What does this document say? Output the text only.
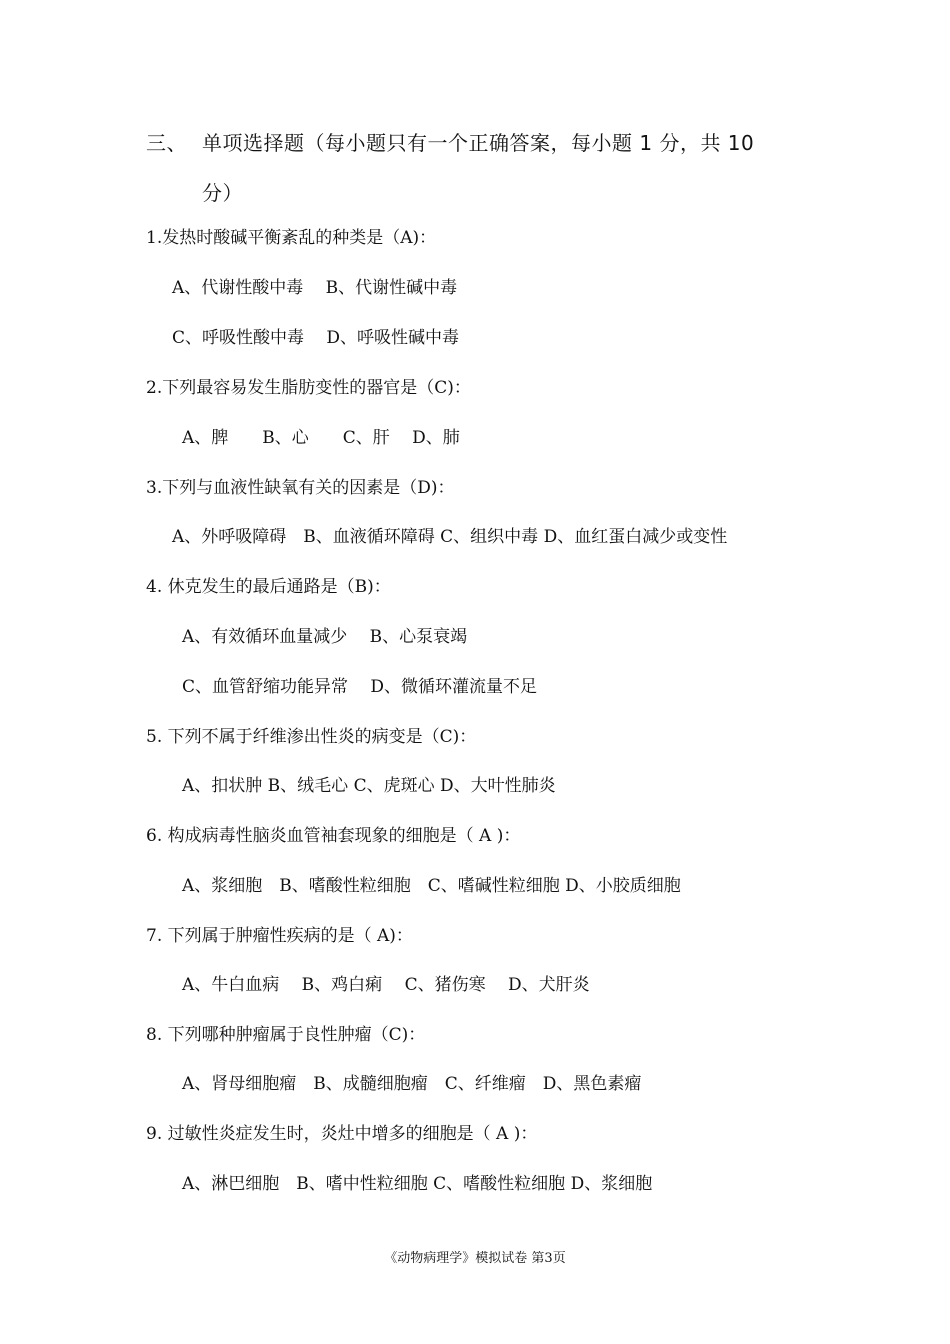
三、 单项选择题（每小题只有一个正确答案，每小题 1 分，共 10
分）
1.发热时酸碱平衡紊乱的种类是（A)：
A、代谢性酸中毒　 B、代谢性碱中毒
C、呼吸性酸中毒　 D、呼吸性碱中毒
2.下列最容易发生脂肪变性的器官是（C)：
A、脾　　B、心　　C、肝　 D、肺
3.下列与血液性缺氧有关的因素是（D)：
A、外呼吸障碍　B、血液循环障碍 C、组织中毒 D、血红蛋白减少或变性
4. 休克发生的最后通路是（B)：
A、有效循环血量减少　 B、心泵衰竭
C、血管舒缩功能异常　 D、微循环灌流量不足
5. 下列不属于纤维渗出性炎的病变是（C)：
A、扣状肿 B、绒毛心 C、虎斑心 D、大叶性肺炎
6. 构成病毒性脑炎血管袖套现象的细胞是（ A )：
A、浆细胞　B、嗜酸性粒细胞　C、嗜碱性粒细胞 D、小胶质细胞
7. 下列属于肿瘤性疾病的是（ A)：
A、牛白血病　 B、鸡白痢　 C、猪伤寒　 D、犬肝炎
8. 下列哪种肿瘤属于良性肿瘤（C)：
A、肾母细胞瘤　B、成髓细胞瘤　C、纤维瘤　D、黑色素瘤
9. 过敏性炎症发生时，炎灶中增多的细胞是（ A )：
A、淋巴细胞　B、嗜中性粒细胞 C、嗜酸性粒细胞 D、浆细胞
《动物病理学》模拟试卷 第3页
